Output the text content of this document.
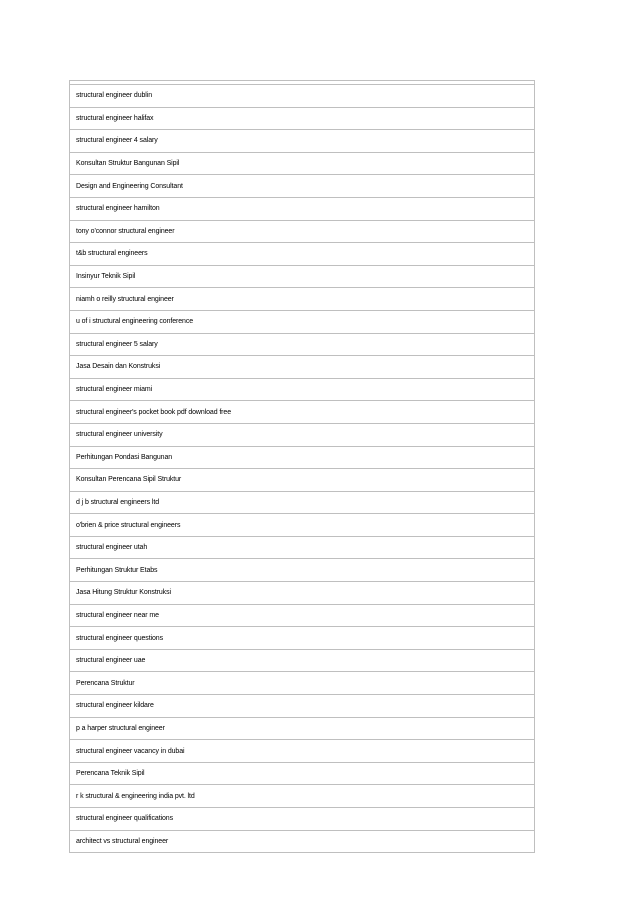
structural engineer dublin
structural engineer halifax
structural engineer 4 salary
Konsultan Struktur Bangunan Sipil
Design and Engineering Consultant
structural engineer hamilton
tony o'connor structural engineer
t&b structural engineers
Insinyur Teknik Sipil
niamh o reilly structural engineer
u of i structural engineering conference
structural engineer 5 salary
Jasa Desain dan Konstruksi
structural engineer miami
structural engineer's pocket book pdf download free
structural engineer university
Perhitungan Pondasi Bangunan
Konsultan Perencana Sipil Struktur
d j b structural engineers ltd
o'brien & price structural engineers
structural engineer utah
Perhitungan Struktur Etabs
Jasa Hitung Struktur Konstruksi
structural engineer near me
structural engineer questions
structural engineer uae
Perencana Struktur
structural engineer kildare
p a harper structural engineer
structural engineer vacancy in dubai
Perencana Teknik Sipil
r k structural & engineering india pvt. ltd
structural engineer qualifications
architect vs structural engineer
